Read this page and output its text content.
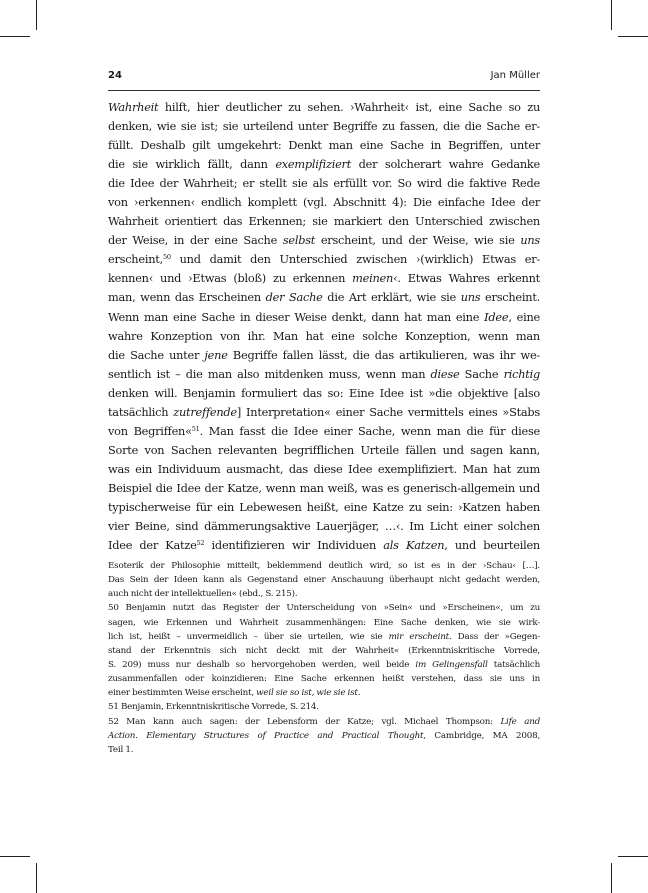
24	Jan Müller
Wahrheit hilft, hier deutlicher zu sehen. ›Wahrheit‹ ist, eine Sache so zu
denken, wie sie ist; sie urteilend unter Begriffe zu fassen, die die Sache er-
füllt. Deshalb gilt umgekehrt: Denkt man eine Sache in Begriffen, unter
die sie wirklich fällt, dann exemplifiziert der solcherart wahre Gedanke
die Idee der Wahrheit; er stellt sie als erfüllt vor. So wird die faktive Rede
von ›erkennen‹ endlich komplett (vgl. Abschnitt 4): Die einfache Idee der
Wahrheit orientiert das Erkennen; sie markiert den Unterschied zwischen
der Weise, in der eine Sache selbst erscheint, und der Weise, wie sie uns
erscheint,$^{50}$ und damit den Unterschied zwischen ›(wirklich) Etwas er-
kennen‹ und ›Etwas (bloß) zu erkennen meinen‹. Etwas Wahres erkennt
man, wenn das Erscheinen der Sache die Art erklärt, wie sie uns erscheint.
Wenn man eine Sache in dieser Weise denkt, dann hat man eine Idee, eine
wahre Konzeption von ihr. Man hat eine solche Konzeption, wenn man
die Sache unter jene Begriffe fallen lässt, die das artikulieren, was ihr we-
sentlich ist – die man also mitdenken muss, wenn man diese Sache richtig
denken will. Benjamin formuliert das so: Eine Idee ist »die objektive [also
tatsächlich zutreffende] Interpretation« einer Sache vermittels eines »Stabs
von Begriffen«$^{51}$. Man fasst die Idee einer Sache, wenn man die für diese
Sorte von Sachen relevanten begrifflichen Urteile fällen und sagen kann,
was ein Individuum ausmacht, das diese Idee exemplifiziert. Man hat zum
Beispiel die Idee der Katze, wenn man weiß, was es generisch-allgemein und
typischerweise für ein Lebewesen heißt, eine Katze zu sein: ›Katzen haben
vier Beine, sind dämmerungsaktive Lauerjäger, …‹. Im Licht einer solchen
Idee der Katze$^{52}$ identifizieren wir Individuen als Katzen, und beurteilen
Esoterik der Philosophie mitteilt, beklemmend deutlich wird, so ist es in der ›Schau‹ […].
Das Sein der Ideen kann als Gegenstand einer Anschauung überhaupt nicht gedacht werden,
auch nicht der intellektuellen« (ebd., S. 215).
50 Benjamin nutzt das Register der Unterscheidung von »Sein« und »Erscheinen«, um zu
sagen, wie Erkennen und Wahrheit zusammenhängen: Eine Sache denken, wie sie wirk-
lich ist, heißt – unvermeidlich – über sie urteilen, wie sie mir erscheint. Dass der »Gegen-
stand der Erkenntnis sich nicht deckt mit der Wahrheit« (Erkenntniskritische Vorrede,
S. 209) muss nur deshalb so hervorgehoben werden, weil beide im Gelingensfall tatsächlich
zusammenfallen oder koinzidieren: Eine Sache erkennen heißt verstehen, dass sie uns in
einer bestimmten Weise erscheint, weil sie so ist, wie sie ist.
51 Benjamin, Erkenntniskritische Vorrede, S. 214.
52 Man kann auch sagen: der Lebensform der Katze; vgl. Michael Thompson: Life and
Action. Elementary Structures of Practice and Practical Thought, Cambridge, MA 2008,
Teil 1.
